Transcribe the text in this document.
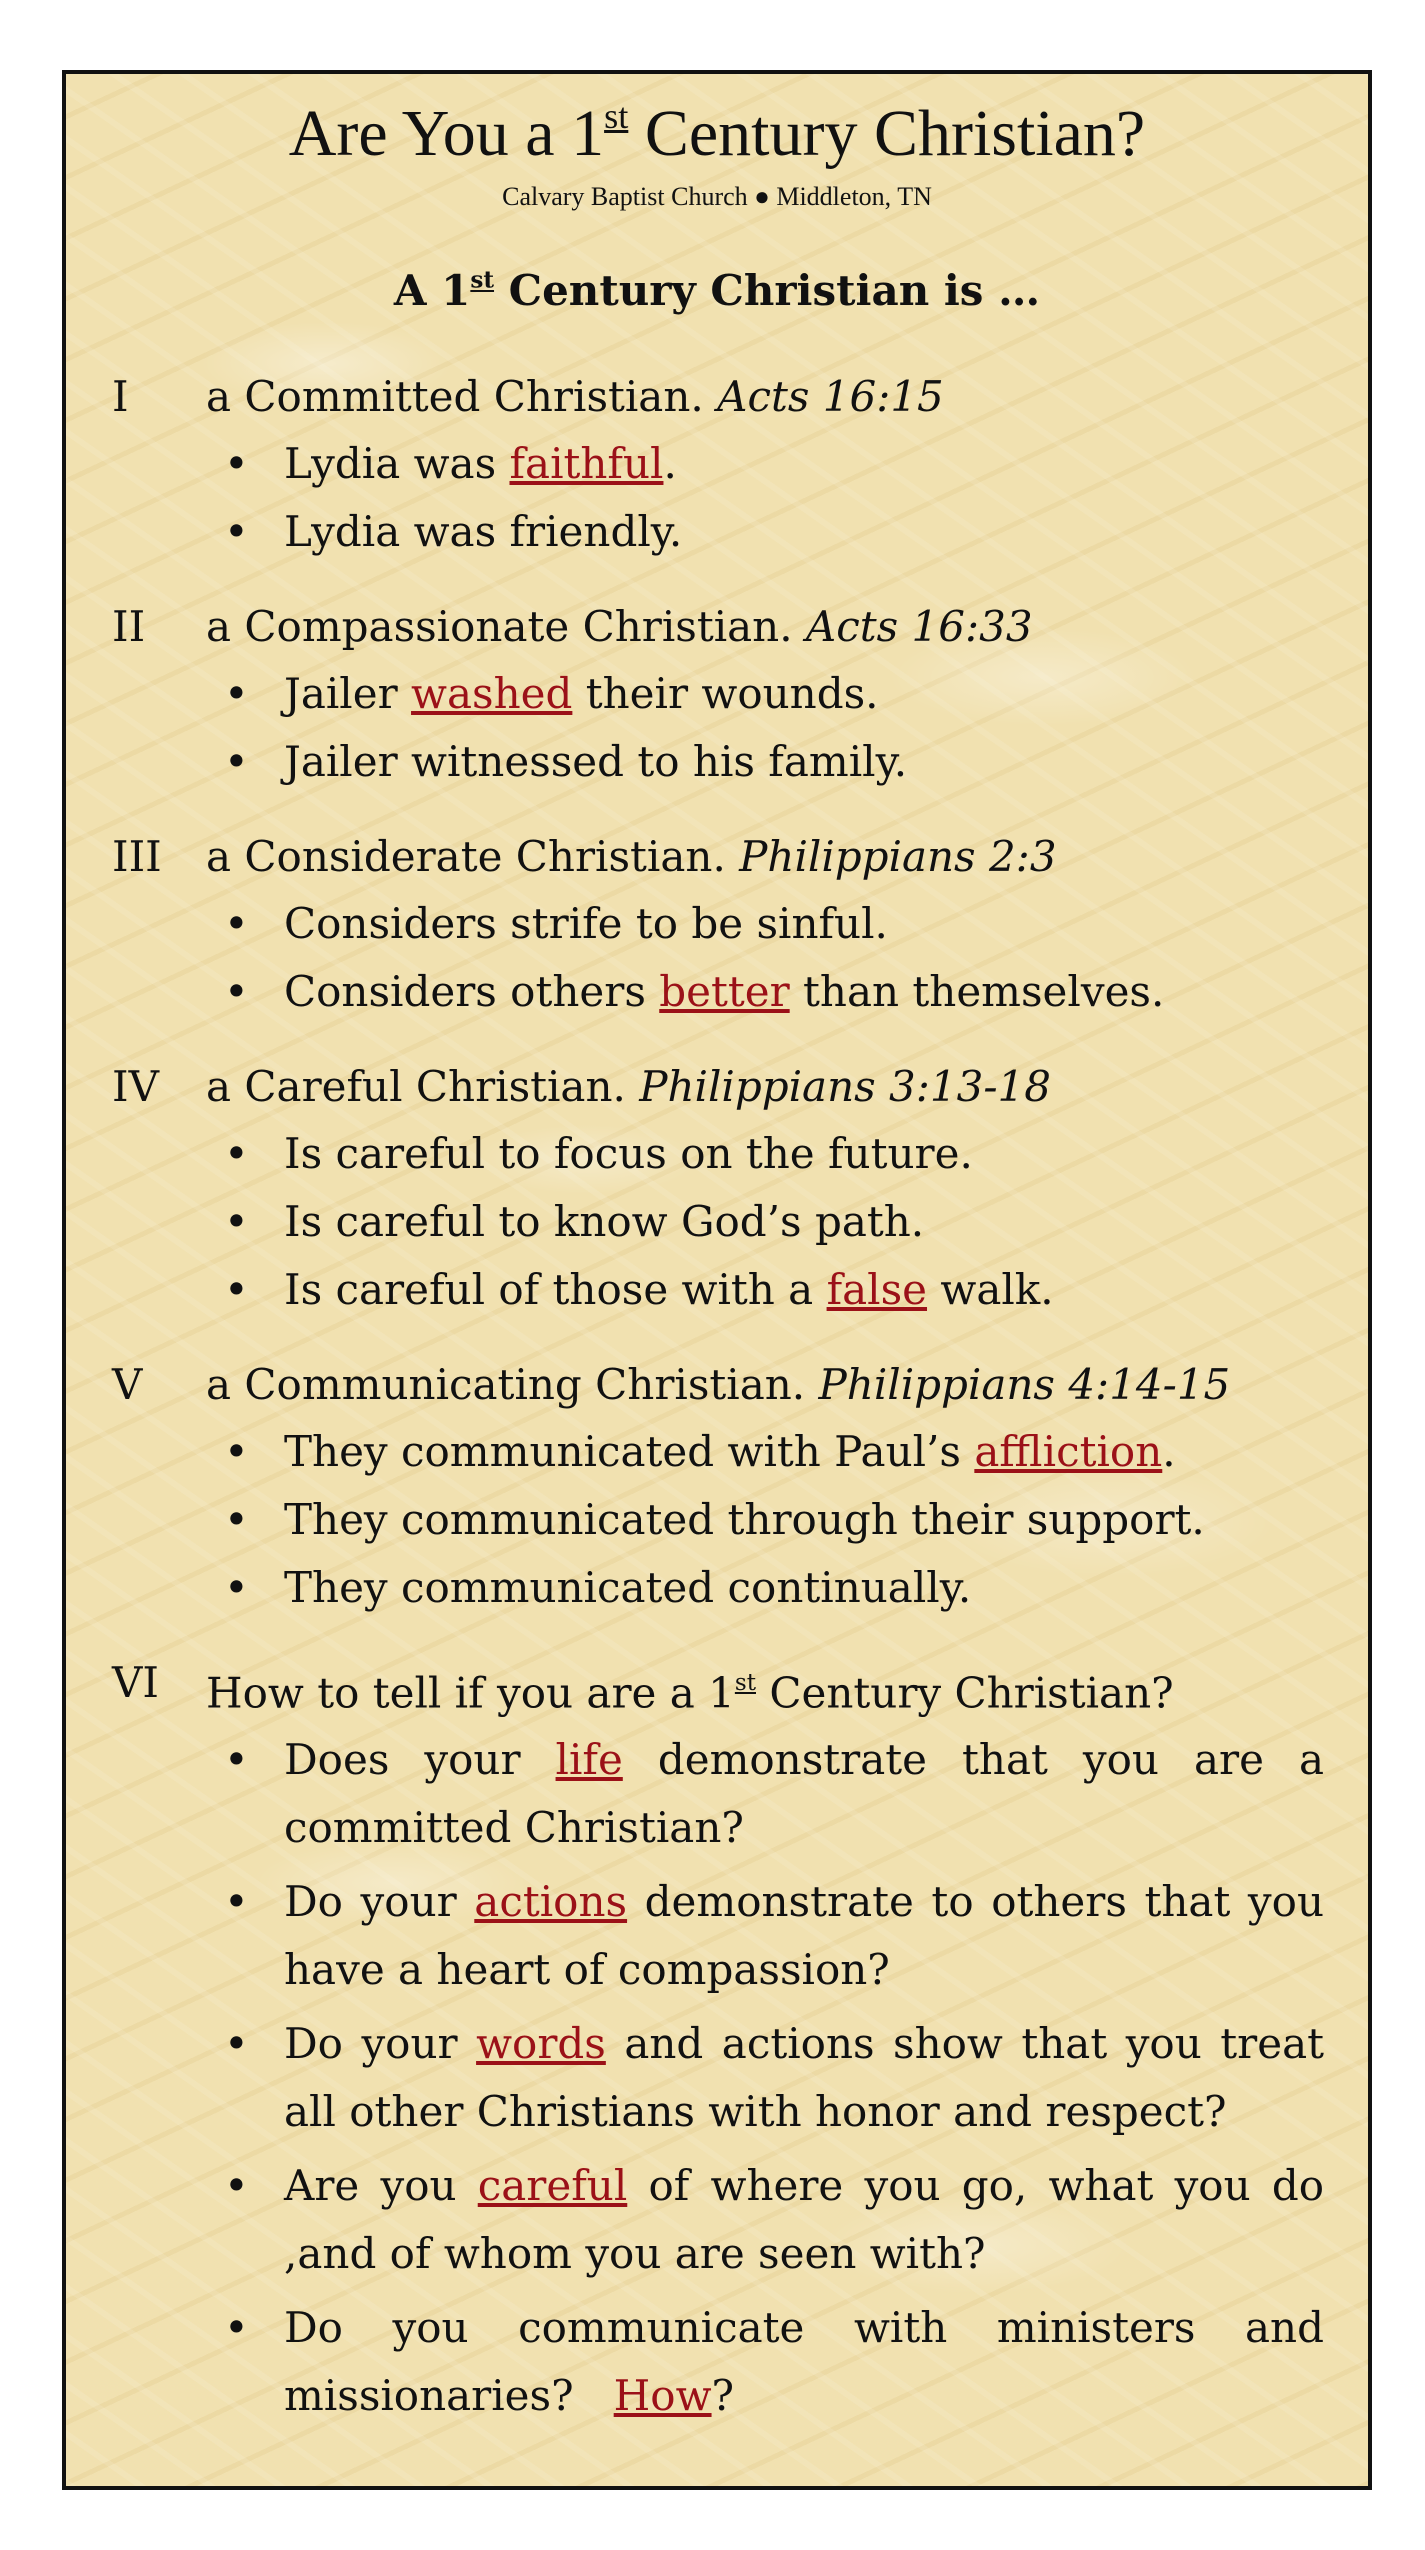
Are You a 1st Century Christian?
Calvary Baptist Church ● Middleton, TN
A 1st Century Christian is …
I	a Committed Christian. Acts 16:15
• Lydia was faithful.
• Lydia was friendly.
II	a Compassionate Christian. Acts 16:33
• Jailer washed their wounds.
• Jailer witnessed to his family.
III	a Considerate Christian. Philippians 2:3
• Considers strife to be sinful.
• Considers others better than themselves.
IV	a Careful Christian. Philippians 3:13-18
• Is careful to focus on the future.
• Is careful to know God’s path.
• Is careful of those with a false walk.
V	a Communicating Christian. Philippians 4:14-15
• They communicated with Paul’s affliction.
• They communicated through their support.
• They communicated continually.
VI	How to tell if you are a 1st Century Christian?
• Does your life demonstrate that you are a committed Christian?
• Do your actions demonstrate to others that you have a heart of compassion?
• Do your words and actions show that you treat all other Christians with honor and respect?
• Are you careful of where you go, what you do ,and of whom you are seen with?
• Do you communicate with ministers and missionaries?   How?
